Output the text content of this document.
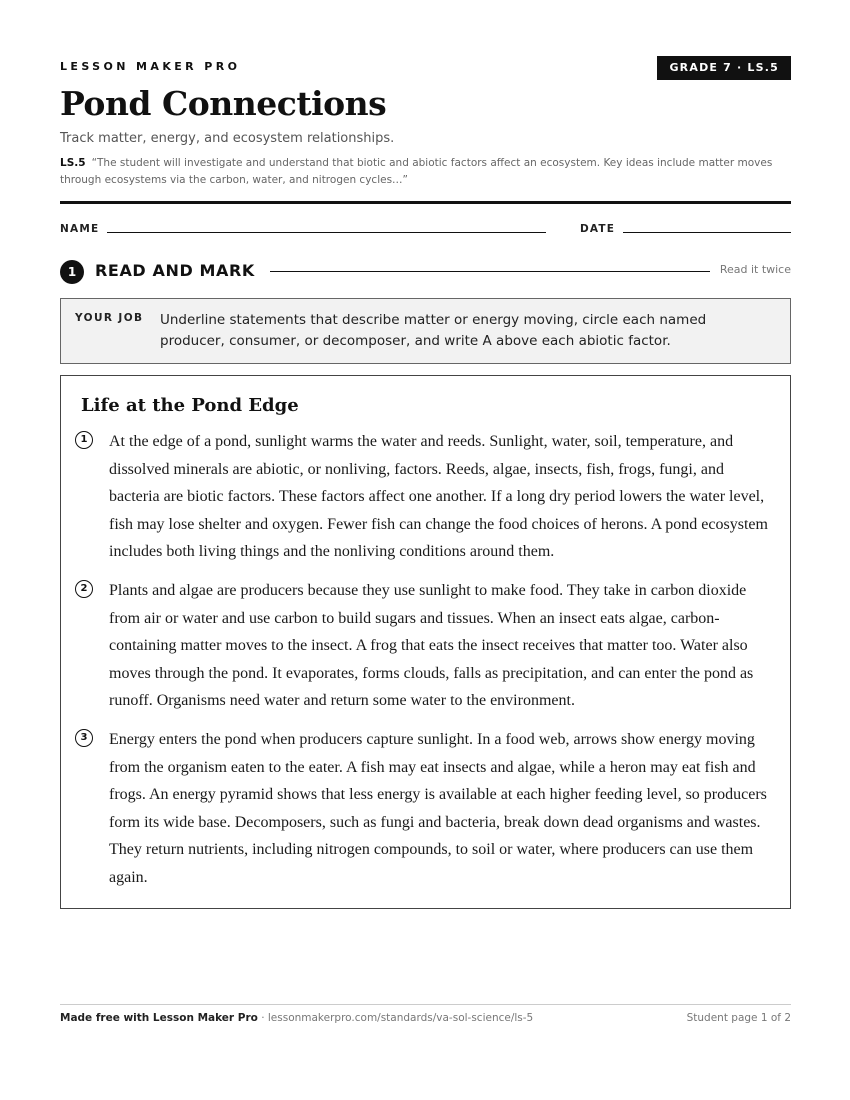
LESSON MAKER PRO	GRADE 7 · LS.5
Pond Connections
Track matter, energy, and ecosystem relationships.
LS.5 “The student will investigate and understand that biotic and abiotic factors affect an ecosystem. Key ideas include matter moves through ecosystems via the carbon, water, and nitrogen cycles…”
NAME	DATE
1	READ AND MARK	Read it twice
YOUR JOB Underline statements that describe matter or energy moving, circle each named producer, consumer, or decomposer, and write A above each abiotic factor.
Life at the Pond Edge
1	At the edge of a pond, sunlight warms the water and reeds. Sunlight, water, soil, temperature, and dissolved minerals are abiotic, or nonliving, factors. Reeds, algae, insects, fish, frogs, fungi, and bacteria are biotic factors. These factors affect one another. If a long dry period lowers the water level, fish may lose shelter and oxygen. Fewer fish can change the food choices of herons. A pond ecosystem includes both living things and the nonliving conditions around them.
2	Plants and algae are producers because they use sunlight to make food. They take in carbon dioxide from air or water and use carbon to build sugars and tissues. When an insect eats algae, carbon-containing matter moves to the insect. A frog that eats the insect receives that matter too. Water also moves through the pond. It evaporates, forms clouds, falls as precipitation, and can enter the pond as runoff. Organisms need water and return some water to the environment.
3	Energy enters the pond when producers capture sunlight. In a food web, arrows show energy moving from the organism eaten to the eater. A fish may eat insects and algae, while a heron may eat fish and frogs. An energy pyramid shows that less energy is available at each higher feeding level, so producers form its wide base. Decomposers, such as fungi and bacteria, break down dead organisms and wastes. They return nutrients, including nitrogen compounds, to soil or water, where producers can use them again.
Made free with Lesson Maker Pro · lessonmakerpro.com/standards/va-sol-science/ls-5	Student page 1 of 2
